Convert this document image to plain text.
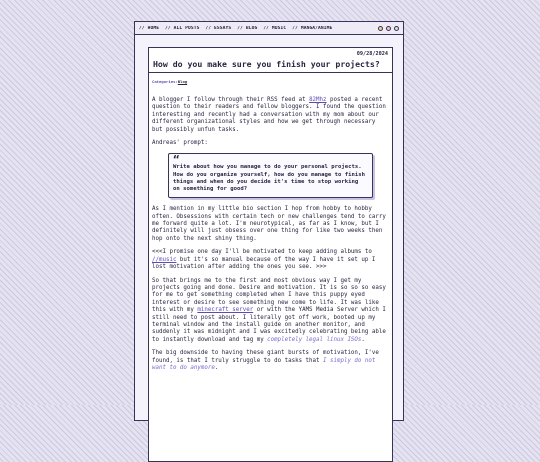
// HOME // ALL POSTS // ESSAYS // BLOG // MUSIC // MANGA/ANIME
09/28/2024
How do you make sure you finish your projects?
Categories:Blog

A blogger I follow through their RSS feed at 82Mhz posted a recent question to their readers and fellow bloggers. I found the question interesting and recently had a conversation with my mom about our different organizational styles and how we get through necessary but possibly unfun tasks.

Andreas' prompt:

“

Write about how you manage to do your personal projects. How do you organize yourself, how do you manage to finish things and when do you decide it's time to stop working on something for good?

As I mention in my little bio section I hop from hobby to hobby often. Obsessions with certain tech or new challenges tend to carry me forward quite a lot. I'm neurotypical, as far as I know, but I definitely will just obsess over one thing for like two weeks then hop onto the next shiny thing.

<<<I promise one day I'll be motivated to keep adding albums to //music but it's so manual because of the way I have it set up I lost motivation after adding the ones you see. >>>

So that brings me to the first and most obvious way I get my projects going and done. Desire and motivation. It is so so so easy for me to get something completed when I have this puppy eyed interest or desire to see something new come to life. It was like this with my minecraft server or with the YAMS Media Server which I still need to post about. I literally got off work, booted up my terminal window and the install guide on another monitor, and suddenly it was midnight and I was excitedly celebrating being able to instantly download and tag my completely legal linux ISOs.

The big downside to having these giant bursts of motivation, I've found, is that I truly struggle to do tasks that I simply do not want to do anymore.
